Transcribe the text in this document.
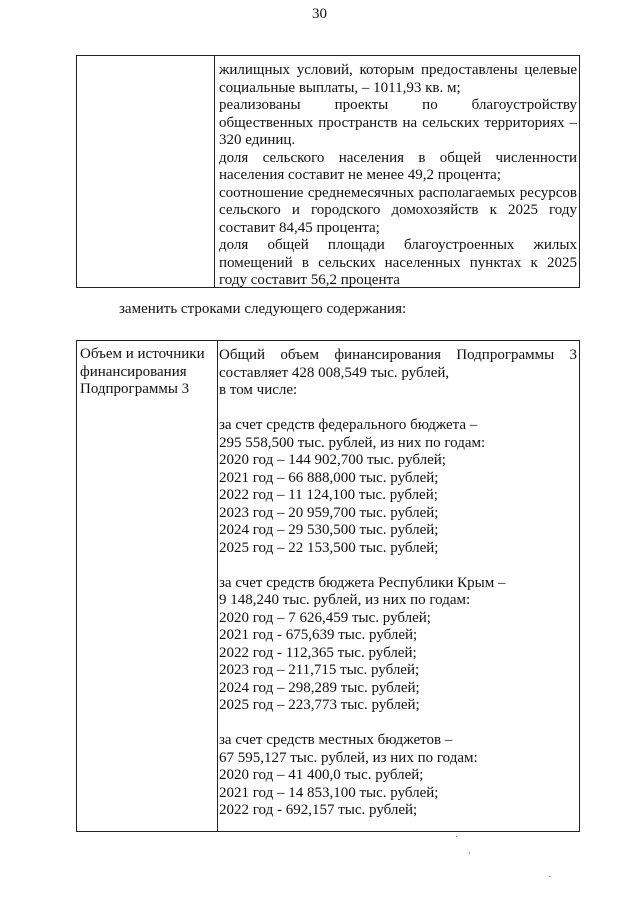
30
жилищных условий, которым предоставлены целевые
социальные выплаты, – 1011,93 кв. м;
реализованы проекты по благоустройству
общественных пространств на сельских территориях –
320 единиц.
доля сельского населения в общей численности
населения составит не менее 49,2 процента;
соотношение среднемесячных располагаемых ресурсов
сельского и городского домохозяйств к 2025 году
составит 84,45 процента;
доля общей площади благоустроенных жилых
помещений в сельских населенных пунктах к 2025
году составит 56,2 процента
заменить строками следующего содержания:
Объем и источники
финансирования
Подпрограммы 3
Общий объем финансирования Подпрограммы 3
составляет 428 008,549 тыс. рублей,
в том числе:
за счет средств федерального бюджета –
295 558,500 тыс. рублей, из них по годам:
2020 год – 144 902,700 тыс. рублей;
2021 год – 66 888,000 тыс. рублей;
2022 год – 11 124,100 тыс. рублей;
2023 год – 20 959,700 тыс. рублей;
2024 год – 29 530,500 тыс. рублей;
2025 год – 22 153,500 тыс. рублей;
за счет средств бюджета Республики Крым –
9 148,240 тыс. рублей, из них по годам:
2020 год – 7 626,459 тыс. рублей;
2021 год - 675,639 тыс. рублей;
2022 год - 112,365 тыс. рублей;
2023 год – 211,715 тыс. рублей;
2024 год – 298,289 тыс. рублей;
2025 год – 223,773 тыс. рублей;
за счет средств местных бюджетов –
67 595,127 тыс. рублей, из них по годам:
2020 год – 41 400,0 тыс. рублей;
2021 год – 14 853,100 тыс. рублей;
2022 год - 692,157 тыс. рублей;
·
,
·
